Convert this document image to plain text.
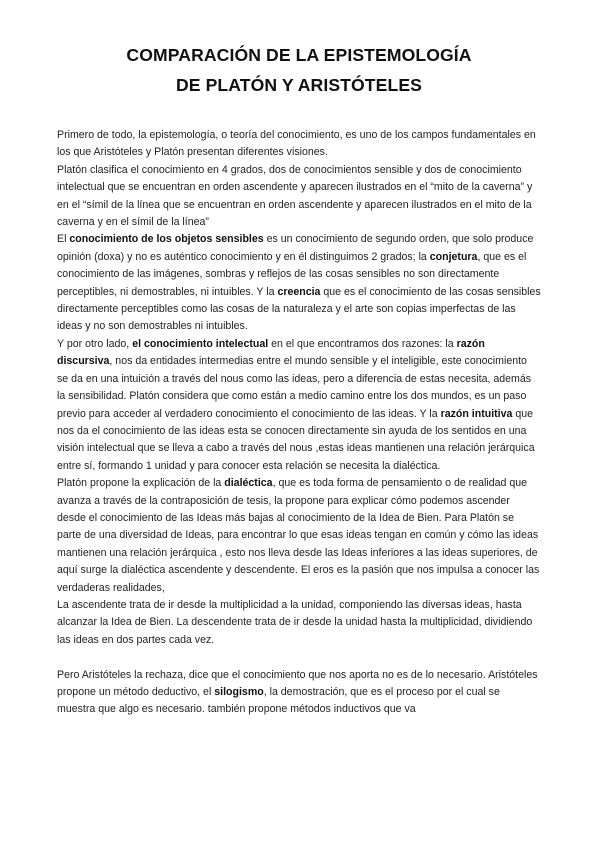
COMPARACIÓN DE LA EPISTEMOLOGÍA
DE PLATÓN Y ARISTÓTELES

Primero de todo, la epistemología, o teoría del conocimiento, es uno de los campos fundamentales en los que Aristóteles y Platón presentan diferentes visiones.

Platón clasifica el conocimiento en 4 grados, dos de conocimientos sensible y dos de conocimiento intelectual que se encuentran en orden ascendente y aparecen ilustrados en el “mito de la caverna” y en el “símil de la línea que se encuentran en orden ascendente y aparecen ilustrados en el mito de la caverna y en el símil de la línea”

El conocimiento de los objetos sensibles es un conocimiento de segundo orden, que solo produce opinión (doxa) y no es auténtico conocimiento y en él distinguimos 2 grados; la conjetura, que es el conocimiento de las imágenes, sombras y reflejos de las cosas sensibles no son directamente perceptibles, ni demostrables, ni intuibles. Y la creencia que es el conocimiento de las cosas sensibles directamente perceptibles como las cosas de la naturaleza y el arte son copias imperfectas de las ideas y no son demostrables ni intuibles.

Y por otro lado, el conocimiento intelectual en el que encontramos dos razones: la razón discursiva, nos da entidades intermedias entre el mundo sensible y el inteligible, este conocimiento se da en una intuición a través del nous como las ideas, pero a diferencia de estas necesita, además la sensibilidad. Platón considera que como están a medio camino entre los dos mundos, es un paso previo para acceder al verdadero conocimiento el conocimiento de las ideas. Y la razón intuitiva que nos da el conocimiento de las ideas esta se conocen directamente sin ayuda de los sentidos en una visión intelectual que se lleva a cabo a través del nous ,estas ideas mantienen una relación jerárquica entre sí, formando 1 unidad y para conocer esta relación se necesita la dialéctica.

Platón propone la explicación de la dialéctica, que es toda forma de pensamiento o de realidad que avanza a través de la contraposición de tesis, la propone para explicar cómo podemos ascender desde el conocimiento de las Ideas más bajas al conocimiento de la Idea de Bien. Para Platón se parte de una diversidad de Ideas, para encontrar lo que esas ideas tengan en común y cómo las ideas mantienen una relación jerárquica , esto nos lleva desde las Ideas inferiores a las ideas superiores, de aquí surge la dialéctica ascendente y descendente. El eros es la pasión que nos impulsa a conocer las verdaderas realidades,

La ascendente trata de ir desde la multiplicidad a la unidad, componiendo las diversas ideas, hasta alcanzar la Idea de Bien. La descendente trata de ir desde la unidad hasta la multiplicidad, dividiendo las ideas en dos partes cada vez.

Pero Aristóteles la rechaza, dice que el conocimiento que nos aporta no es de lo necesario. Aristóteles propone un método deductivo, el silogismo, la demostración, que es el proceso por el cual se muestra que algo es necesario. también propone métodos inductivos que va
